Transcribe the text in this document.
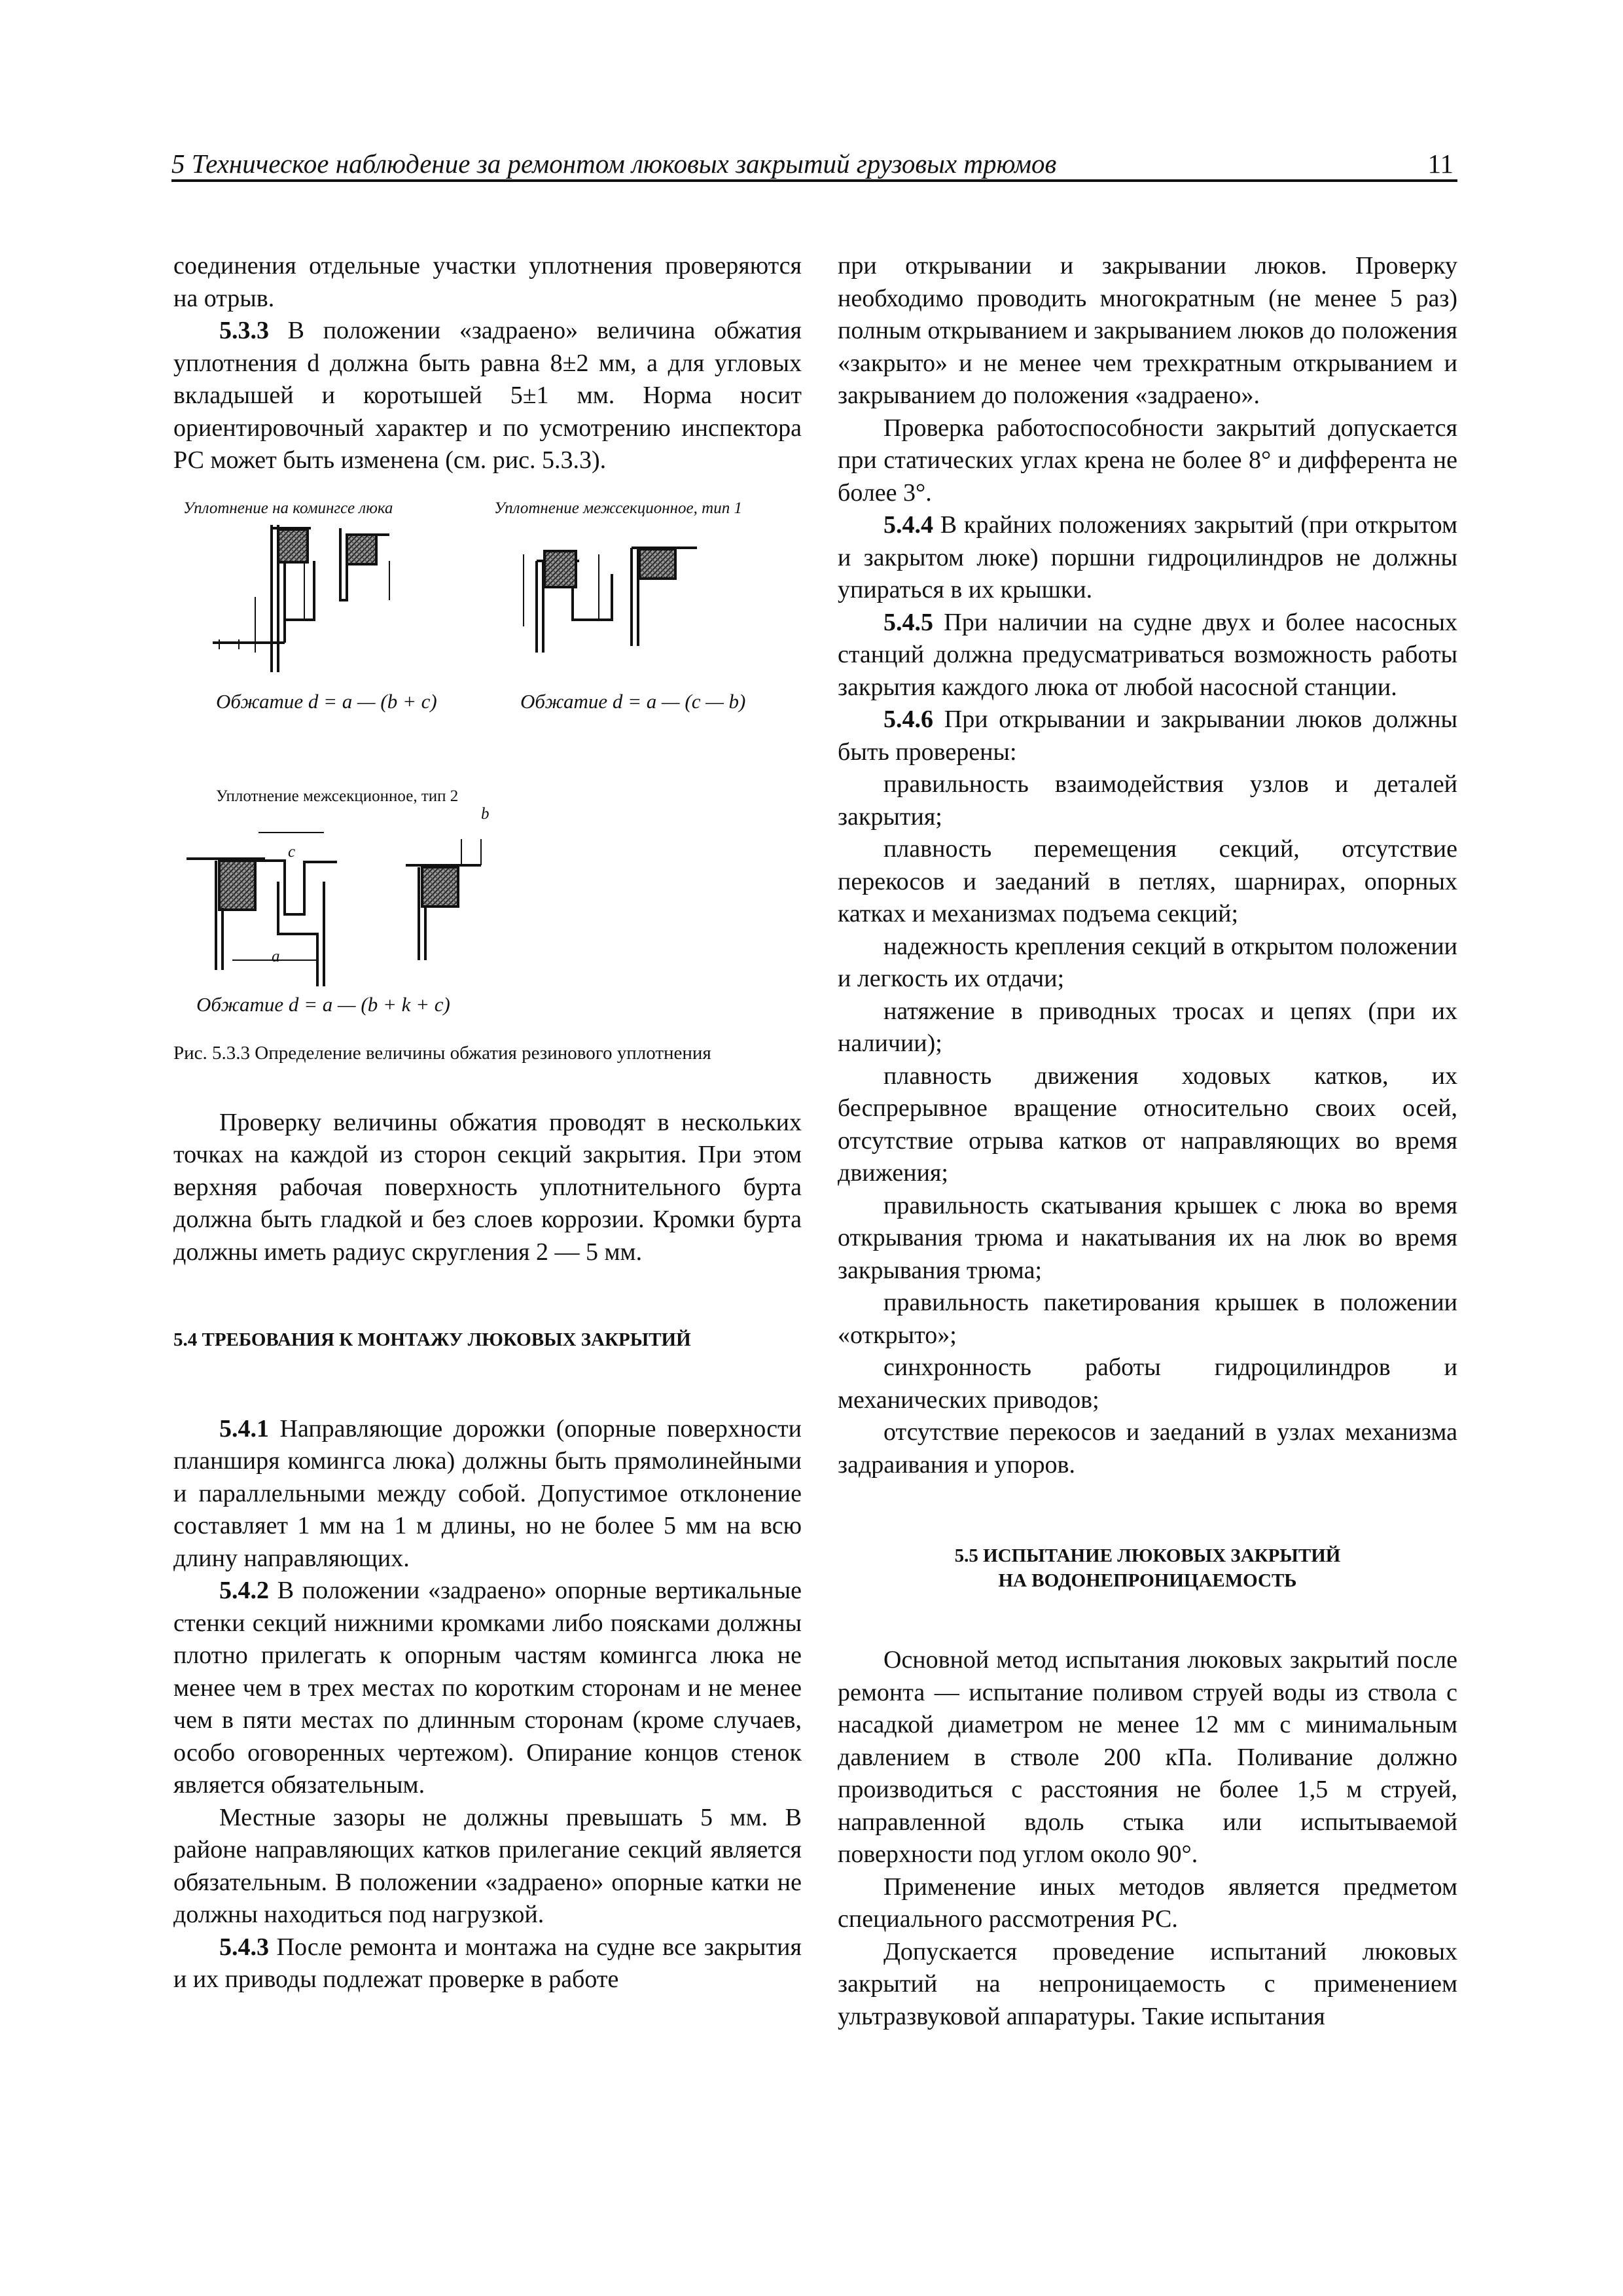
5 Техническое наблюдение за ремонтом люковых закрытий грузовых трюмов	11

соединения отдельные участки уплотнения проверяются на отрыв.

5.3.3 В положении «задраено» величина обжатия уплотнения d должна быть равна 8±2 мм, а для угловых вкладышей и коротышей 5±1 мм. Норма носит ориентировочный характер и по усмотрению инспектора РС может быть изменена (см. рис. 5.3.3).

Уплотнение на комингсе люка	Уплотнение межсекционное, тип 1
Обжатие d = a — (b + c)	Обжатие d = a — (c — b)
Уплотнение межсекционное, тип 2
b
c
a
Обжатие d = a — (b + k + c)
Рис. 5.3.3 Определение величины обжатия резинового уплотнения

Проверку величины обжатия проводят в нескольких точках на каждой из сторон секций закрытия. При этом верхняя рабочая поверхность уплотнительного бурта должна быть гладкой и без слоев коррозии. Кромки бурта должны иметь радиус скругления 2 — 5 мм.

5.4 ТРЕБОВАНИЯ К МОНТАЖУ ЛЮКОВЫХ ЗАКРЫТИЙ

5.4.1 Направляющие дорожки (опорные поверхности планширя комингса люка) должны быть прямолинейными и параллельными между собой. Допустимое отклонение составляет 1 мм на 1 м длины, но не более 5 мм на всю длину направляющих.

5.4.2 В положении «задраено» опорные вертикальные стенки секций нижними кромками либо поясками должны плотно прилегать к опорным частям комингса люка не менее чем в трех местах по коротким сторонам и не менее чем в пяти местах по длинным сторонам (кроме случаев, особо оговоренных чертежом). Опирание концов стенок является обязательным.

Местные зазоры не должны превышать 5 мм. В районе направляющих катков прилегание секций является обязательным. В положении «задраено» опорные катки не должны находиться под нагрузкой.

5.4.3 После ремонта и монтажа на судне все закрытия и их приводы подлежат проверке в работе

при открывании и закрывании люков. Проверку необходимо проводить многократным (не менее 5 раз) полным открыванием и закрыванием люков до положения «закрыто» и не менее чем трехкратным открыванием и закрыванием до положения «задраено».

Проверка работоспособности закрытий допускается при статических углах крена не более 8° и дифферента не более 3°.

5.4.4 В крайних положениях закрытий (при открытом и закрытом люке) поршни гидроцилиндров не должны упираться в их крышки.

5.4.5 При наличии на судне двух и более насосных станций должна предусматриваться возможность работы закрытия каждого люка от любой насосной станции.

5.4.6 При открывании и закрывании люков должны быть проверены:

правильность взаимодействия узлов и деталей закрытия;

плавность перемещения секций, отсутствие перекосов и заеданий в петлях, шарнирах, опорных катках и механизмах подъема секций;

надежность крепления секций в открытом положении и легкость их отдачи;

натяжение в приводных тросах и цепях (при их наличии);

плавность движения ходовых катков, их беспрерывное вращение относительно своих осей, отсутствие отрыва катков от направляющих во время движения;

правильность скатывания крышек с люка во время открывания трюма и накатывания их на люк во время закрывания трюма;

правильность пакетирования крышек в положении «открыто»;

синхронность работы гидроцилиндров и механических приводов;

отсутствие перекосов и заеданий в узлах механизма задраивания и упоров.

5.5 ИСПЫТАНИЕ ЛЮКОВЫХ ЗАКРЫТИЙ

НА ВОДОНЕПРОНИЦАЕМОСТЬ

Основной метод испытания люковых закрытий после ремонта — испытание поливом струей воды из ствола с насадкой диаметром не менее 12 мм с минимальным давлением в стволе 200 кПа. Поливание должно производиться с расстояния не более 1,5 м струей, направленной вдоль стыка или испытываемой поверхности под углом около 90°.

Применение иных методов является предметом специального рассмотрения РС.

Допускается проведение испытаний люковых закрытий на непроницаемость с применением ультразвуковой аппаратуры. Такие испытания
